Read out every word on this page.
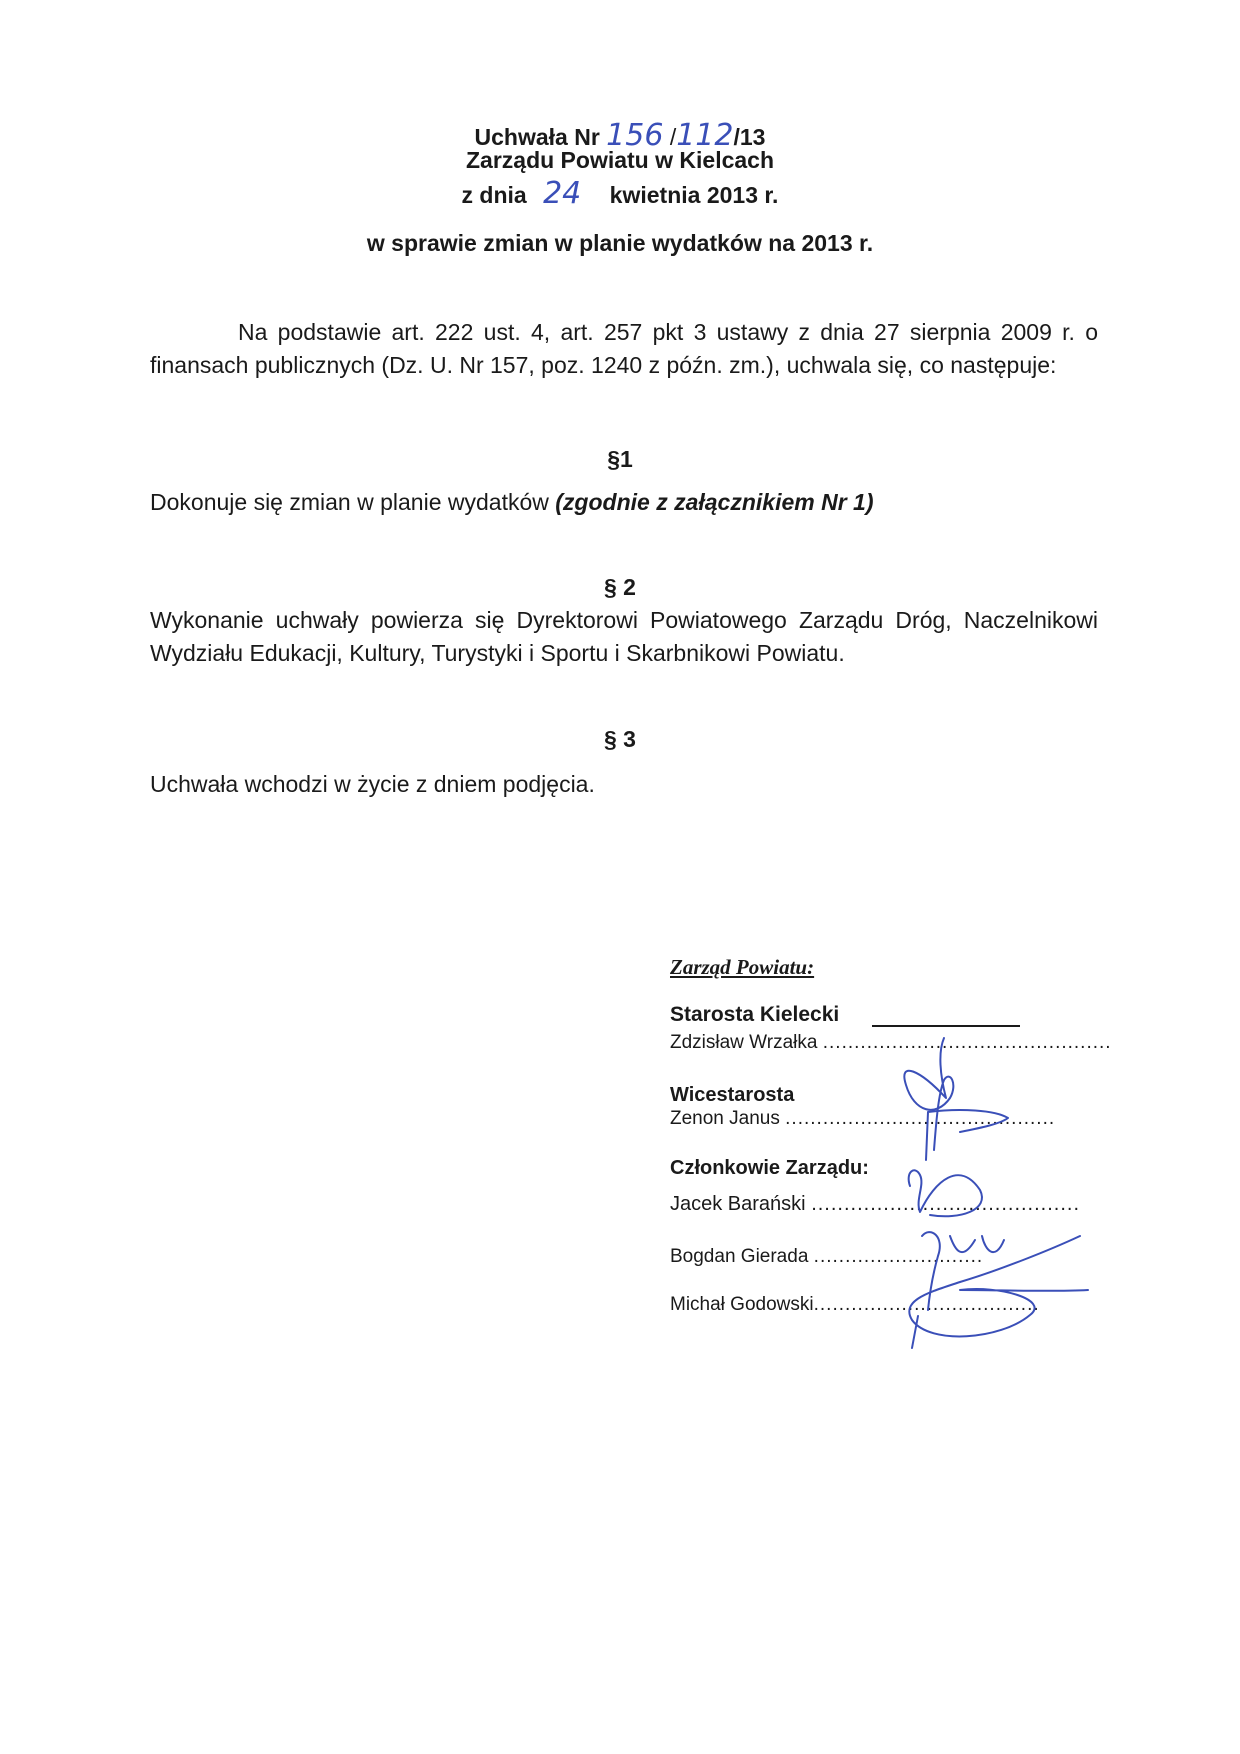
Uchwała Nr 156 /112/13
Zarządu Powiatu w Kielcach
z dnia 24 kwietnia 2013 r.
w sprawie zmian w planie wydatków na 2013 r.
Na podstawie art. 222 ust. 4, art. 257 pkt 3 ustawy z dnia 27 sierpnia 2009 r. o finansach publicznych (Dz. U. Nr 157, poz. 1240 z późn. zm.), uchwala się, co następuje:
§1
Dokonuje się zmian w planie wydatków (zgodnie z załącznikiem Nr 1)
§ 2
Wykonanie uchwały powierza się Dyrektorowi Powiatowego Zarządu Dróg, Naczelnikowi Wydziału Edukacji, Kultury, Turystyki i Sportu i Skarbnikowi Powiatu.
§ 3
Uchwała wchodzi w życie z dniem podjęcia.
Zarząd Powiatu:
Starosta Kielecki
Zdzisław Wrzałka ..............................................
Wicestarosta
Zenon Janus ...........................................
Członkowie Zarządu:
Jacek Barański .........................................
Bogdan Gierada ...........................
Michał Godowski....................................
